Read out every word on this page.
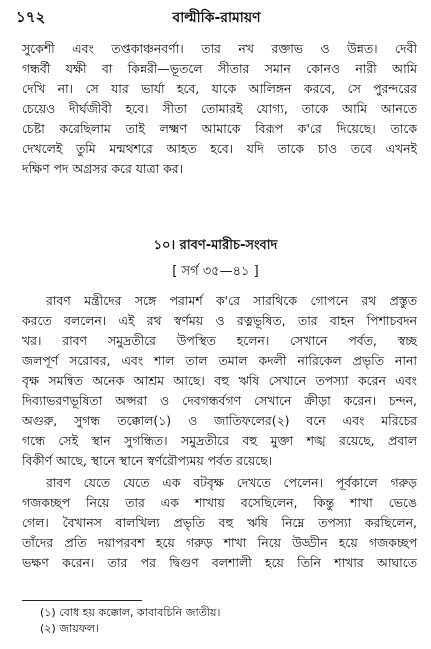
১৭২	বাল্মীকি-রামায়ণ
সুকেশী এবং তপ্তকাঞ্চনবর্ণা। তার নখ রক্তাভ ও উন্নত। দেবী
গন্ধর্বী যক্ষী বা কিন্নরী—ভূতলে সীতার সমান কোনও নারী আমি
দেখি না। সে যার ভার্যা হবে, যাকে আলিঙ্গন করবে, সে পুরন্দরের
চেয়েও দীর্ঘজীবী হবে। সীতা তোমারই যোগ্য, তাকে আমি আনতে
চেষ্টা করেছিলাম তাই লক্ষ্মণ আমাকে বিরূপ ক'রে দিয়েছে। তাকে
দেখলেই তুমি মন্মথশরে আহত হবে। যদি তাকে চাও তবে এখনই
দক্ষিণ পদ অগ্রসর করে যাত্রা কর।
১০। রাবণ-মারীচ-সংবাদ
[ সর্গ ৩৫—৪১ ]
রাবণ মন্ত্রীদের সঙ্গে পরামর্শ ক'রে সারথিকে গোপনে রথ প্রস্তুত
করতে বললেন। এই রথ স্বর্ণময় ও রত্নভূষিত, তার বাহন পিশাচবদন
খর। রাবণ সমুদ্রতীরে উপস্থিত হলেন। সেখানে পর্বত, স্বচ্ছ
জলপূর্ণ সরোবর, এবং শাল তাল তমাল কদলী নারিকেল প্রভৃতি নানা
বৃক্ষ সমন্বিত অনেক আশ্রম আছে। বহু ঋষি সেখানে তপস্যা করেন এবং
দিব্যাভরণভূষিতা অপ্সরা ও দেবগন্ধর্বগণ সেখানে ক্রীড়া করেন। চন্দন,
অগুরু, সুগন্ধ তক্কোল(১) ও জাতিফলের(২) বনে এবং মরিচের
গন্ধে সেই স্থান সুগন্ধিত। সমুদ্রতীরে বহু মুক্তা শঙ্খ রয়েছে, প্রবাল
বিকীর্ণ আছে, স্থানে স্থানে স্বর্ণরৌপ্যময় পর্বত রয়েছে।
রাবণ যেতে যেতে এক বটবৃক্ষ দেখতে পেলেন। পূর্বকালে গরুড়
গজকচ্ছপ নিয়ে তার এক শাখায় বসেছিলেন, কিন্তু শাখা ভেঙে
গেল। বৈখানস বালখিল্য প্রভৃতি বহু ঋষি নিম্নে তপস্যা করছিলেন,
তাঁদের প্রতি দয়াপরবশ হয়ে গরুড় শাখা নিয়ে উড্ডীন হয়ে গজকচ্ছপ
ভক্ষণ করেন। তার পর দ্বিগুণ বলশালী হয়ে তিনি শাখার আঘাতে
(১) বোধ হয় কক্কোল, কাবাবচিনি জাতীয়।
(২) জায়ফল।
